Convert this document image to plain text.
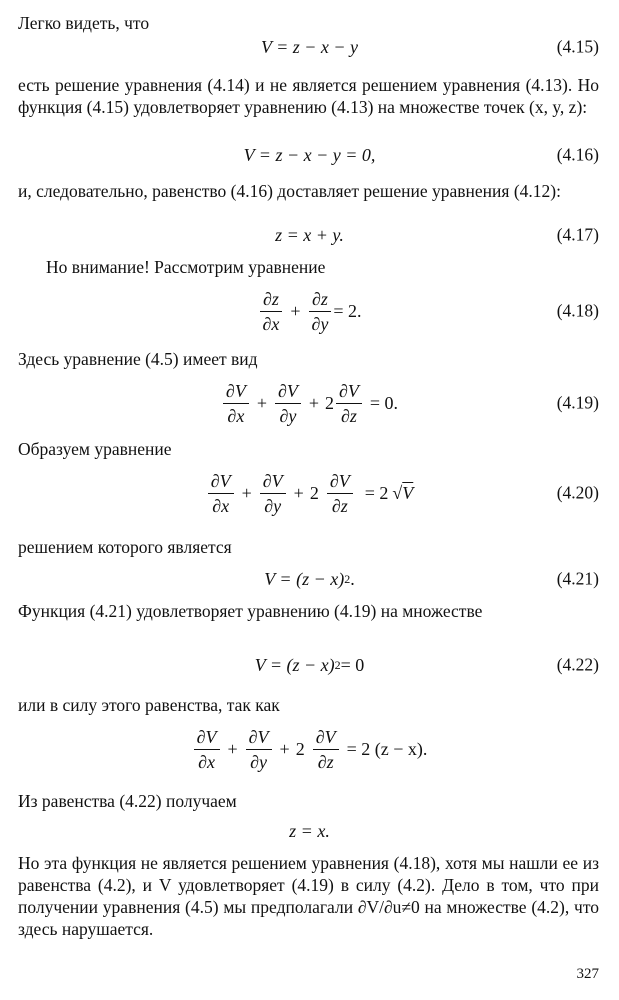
Легко видеть, что

V = z − x − y	(4.15)

есть решение уравнения (4.14) и не является решением уравнения (4.13). Но функция (4.15) удовлетворяет уравнению (4.13) на множестве точек (x, y, z):

V = z − x − y = 0,	(4.16)

и, следовательно, равенство (4.16) доставляет решение уравнения (4.12):

z = x + y.	(4.17)

Но внимание! Рассмотрим уравнение

$\frac{\partial z}{\partial x} + \frac{\partial z}{\partial y} = 2$.	(4.18)

Здесь уравнение (4.5) имеет вид

$\frac{\partial V}{\partial x} + \frac{\partial V}{\partial y} + 2 \frac{\partial V}{\partial z} = 0$.	(4.19)

Образуем уравнение

$\frac{\partial V}{\partial x} + \frac{\partial V}{\partial y} + 2 \frac{\partial V}{\partial z} = 2$ √ V	(4.20)

решением которого является

V = (z − x) 2 .	(4.21)

Функция (4.21) удовлетворяет уравнению (4.19) на множестве

V = (z − x) 2 = 0	(4.22)

или в силу этого равенства, так как

$\frac{\partial V}{\partial x} + \frac{\partial V}{\partial y} + 2 \frac{\partial V}{\partial z} = 2$ (z − x).

Из равенства (4.22) получаем

z = x.

Но эта функция не является решением уравнения (4.18), хотя мы нашли ее из равенства (4.2), и V удовлетворяет (4.19) в силу (4.2). Дело в том, что при получении уравнения (4.5) мы предполагали ∂V/∂u≠0 на множестве (4.2), что здесь нарушается.

327
